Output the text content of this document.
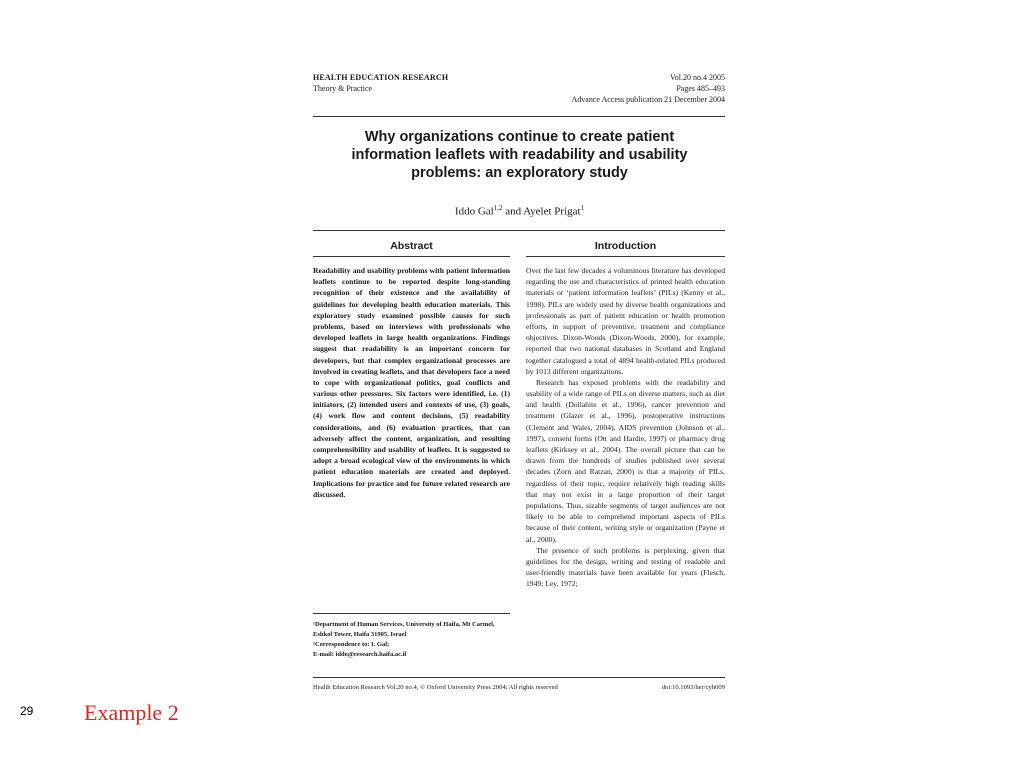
HEALTH EDUCATION RESEARCH
Theory & Practice
Vol.20 no.4 2005
Pages 485–493
Advance Access publication 21 December 2004
Why organizations continue to create patient information leaflets with readability and usability problems: an exploratory study
Iddo Gal$^{1,2}$ and Ayelet Prigat$^1$
Abstract	Introduction
Readability and usability problems with patient information leaflets continue to be reported despite long-standing recognition of their existence and the availability of guidelines for developing health education materials. This exploratory study examined possible causes for such problems, based on interviews with professionals who developed leaflets in large health organizations. Findings suggest that readability is an important concern for developers, but that complex organizational processes are involved in creating leaflets, and that developers face a need to cope with organizational politics, goal conflicts and various other pressures. Six factors were identified, i.e. (1) initiators, (2) intended users and contexts of use, (3) goals, (4) work flow and content decisions, (5) readability considerations, and (6) evaluation practices, that can adversely affect the content, organization, and resulting comprehensibility and usability of leaflets. It is suggested to adopt a broad ecological view of the environments in which patient education materials are created and deployed. Implications for practice and for future related research are discussed.

Over the last few decades a voluminous literature has developed regarding the use and characteristics of printed health education materials or ‘patient information leaflets’ (PILs) (Kenny et al., 1998). PILs are widely used by diverse health organizations and professionals as part of patient education or health promotion efforts, in support of preventive, treatment and compliance objectives. Dixon-Woods (Dixon-Woods, 2000), for example, reported that two national databases in Scotland and England together catalogued a total of 4894 health-related PILs produced by 1013 different organizations.

Research has exposed problems with the readability and usability of a wide range of PILs on diverse matters, such as diet and health (Dollahite et al., 1996), cancer prevention and treatment (Glazer et al., 1996), postoperative instructions (Clement and Wales, 2004), AIDS prevention (Johnson et al., 1997), consent forms (Ott and Hardie, 1997) or pharmacy drug leaflets (Kirksey et al., 2004). The overall picture that can be drawn from the hundreds of studies published over several decades (Zorn and Ratzan, 2000) is that a majority of PILs, regardless of their topic, require relatively high reading skills that may not exist in a large proportion of their target populations. Thus, sizable segments of target audiences are not likely to be able to comprehend important aspects of PILs because of their content, writing style or organization (Payne et al., 2000).

The presence of such problems is perplexing, given that guidelines for the design, writing and testing of readable and user-friendly materials have been available for years (Flesch, 1949; Ley, 1972;

¹Department of Human Services, University of Haifa, Mt Carmel, Eshkol Tower, Haifa 31905, Israel
²Correspondence to: I. Gal;
E-mail: iddo@research.haifa.ac.il
Health Education Research Vol.20 no.4, © Oxford University Press 2004; All rights reserved	doi:10.1093/her/cyh009
29 Example 2
